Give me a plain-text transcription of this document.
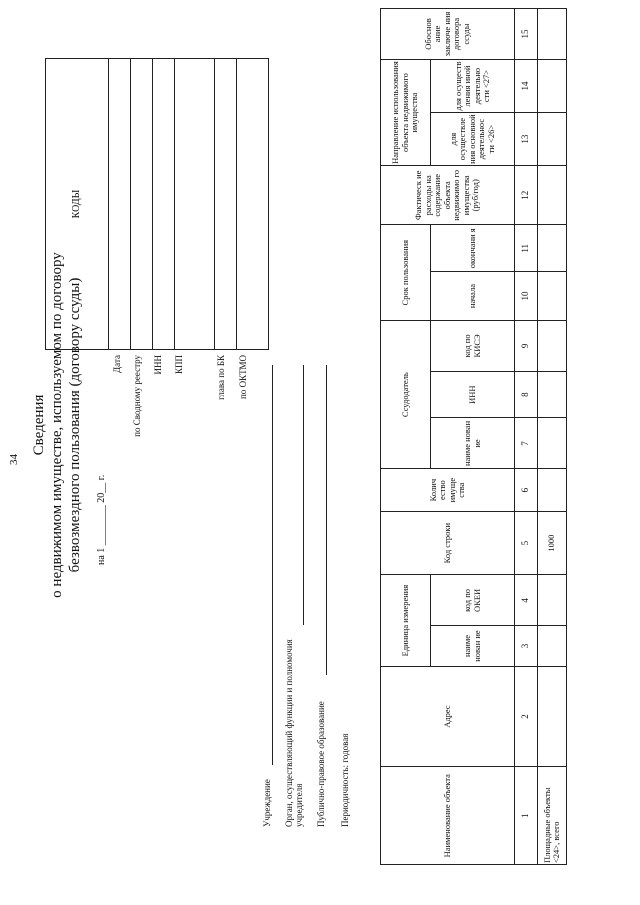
34
Сведения о недвижимом имуществе, используемом по договору безвозмездного пользования (договору ссуды) на 1 ________ 20__ г.
Учреждение Орган, осуществляющий функции и полномочия учредителя Публично-правовое образование Периодичность: годовая
Дата по Сводному реестру ИНН КПП	глава по БК по ОКТМО
КОДЫ
Наименование объекта	Адрес	Единица измерения		Код строки	Колич ество имуще ства	Ссудодатель			Срок пользования		Фактическ ие расходы на содержание объекта недвижимо го имущества (руб/год)	Направление использования объекта недвижимого имущества		Обоснов ание заключе ния договора ссуды
		наиме нован ие	код по ОКЕИ			наиме нован ие	ИНН	код по КИСЭ	начала	окончани я		для осуществле ния основной деятельнос ти <26>	для осуществ ления иной деятельно сти <27>	
1	2	3	4	5	6	7	8	9	10	11	12	13	14	15
Площадные объекты <24>, всего				1000										
